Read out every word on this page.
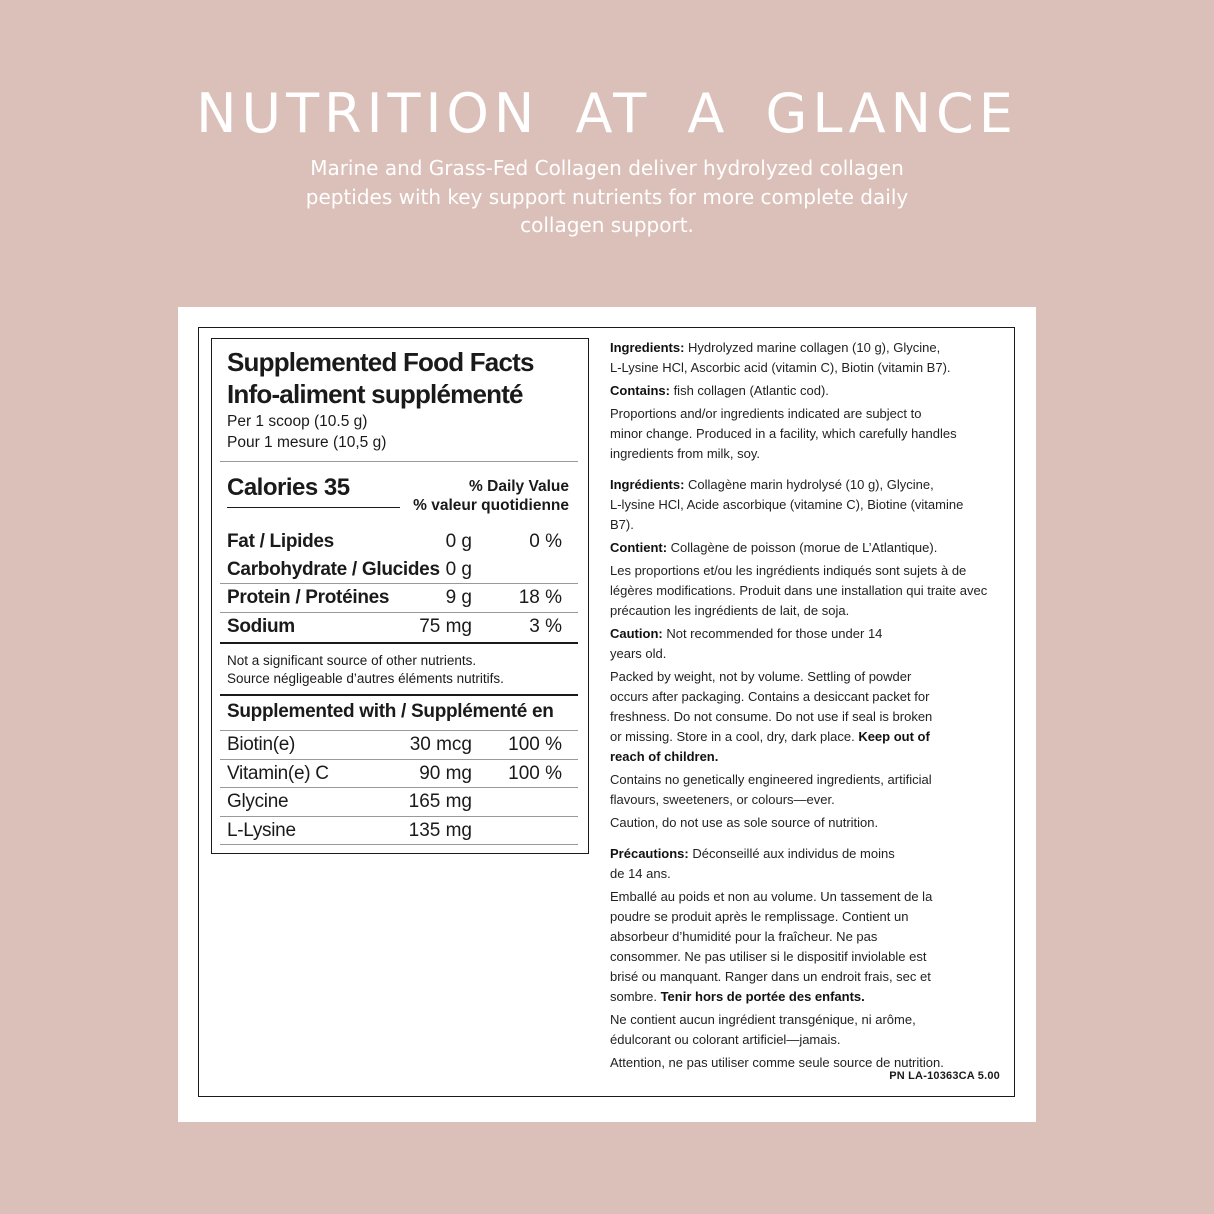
NUTRITION AT A GLANCE

Marine and Grass-Fed Collagen deliver hydrolyzed collagen peptides with key support nutrients for more complete daily collagen support.

Supplemented Food Facts
Info-aliment supplémenté
Per 1 scoop (10.5 g)
Pour 1 mesure (10,5 g)
Calories 35	% Daily Value
% valeur quotidienne
Fat / Lipides	0 g	0 %
Carbohydrate / Glucides 0 g
Protein / Protéines	9 g 18 %
Sodium	75 mg	3 %
Not a significant source of other nutrients.
Source négligeable d’autres éléments nutritifs.
Supplemented with / Supplémenté en
Biotin(e)	30 mcg 100 %
Vitamin(e) C	90 mg 100 %
Glycine	165 mg
L-Lysine	135 mg

Ingredients: Hydrolyzed marine collagen (10 g), Glycine,
L-Lysine HCl, Ascorbic acid (vitamin C), Biotin (vitamin B7).

Contains: fish collagen (Atlantic cod).

Proportions and/or ingredients indicated are subject to
minor change. Produced in a facility, which carefully handles
ingredients from milk, soy.

Ingrédients: Collagène marin hydrolysé (10 g), Glycine,
L-lysine HCl, Acide ascorbique (vitamine C), Biotine (vitamine B7).

Contient: Collagène de poisson (morue de L’Atlantique).

Les proportions et/ou les ingrédients indiqués sont sujets à de
légères modifications. Produit dans une installation qui traite avec
précaution les ingrédients de lait, de soja.

Caution: Not recommended for those under 14
years old.

Packed by weight, not by volume. Settling of powder
occurs after packaging. Contains a desiccant packet for
freshness. Do not consume. Do not use if seal is broken
or missing. Store in a cool, dry, dark place. Keep out of
reach of children.

Contains no genetically engineered ingredients, artificial
flavours, sweeteners, or colours—ever.

Caution, do not use as sole source of nutrition.

Précautions: Déconseillé aux individus de moins
de 14 ans.

Emballé au poids et non au volume. Un tassement de la
poudre se produit après le remplissage. Contient un
absorbeur d’humidité pour la fraîcheur. Ne pas
consommer. Ne pas utiliser si le dispositif inviolable est
brisé ou manquant. Ranger dans un endroit frais, sec et
sombre. Tenir hors de portée des enfants.

Ne contient aucun ingrédient transgénique, ni arôme,
édulcorant ou colorant artificiel—jamais.

Attention, ne pas utiliser comme seule source de nutrition.

PN LA-10363CA 5.00
